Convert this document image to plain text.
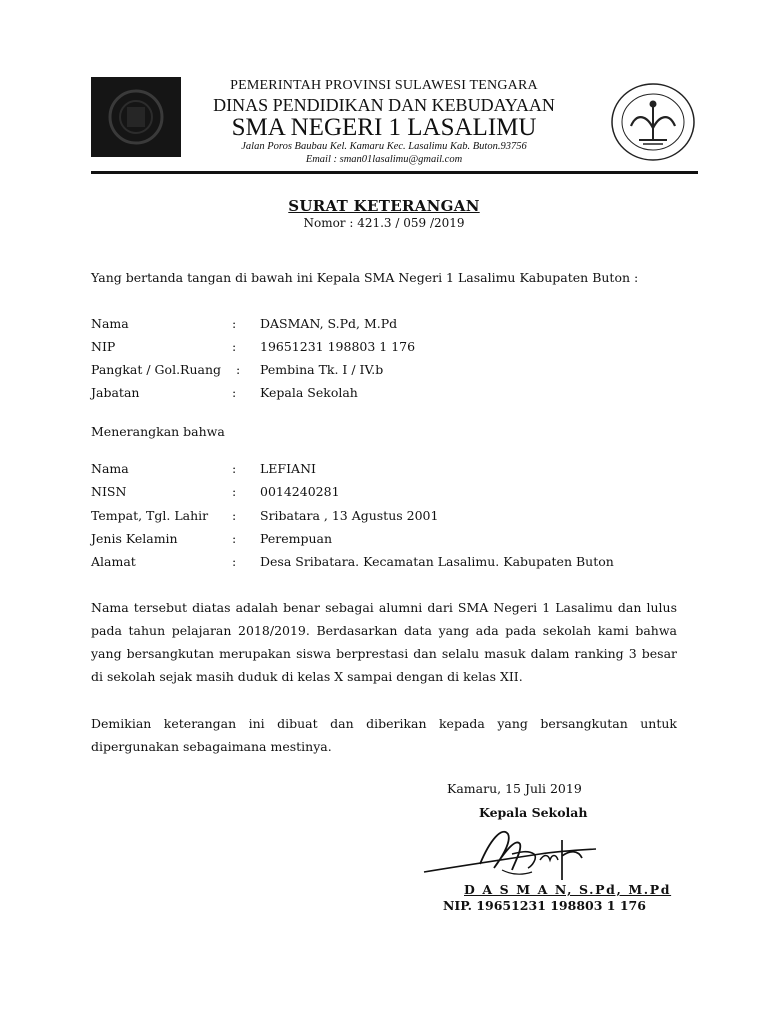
PEMERINTAH PROVINSI SULAWESI TENGARA
DINAS PENDIDIKAN DAN KEBUDAYAAN
SMA NEGERI 1 LASALIMU
Jalan Poros Baubau Kel. Kamaru Kec. Lasalimu Kab. Buton.93756
Email : sman01lasalimu@gmail.com
SURAT KETERANGAN
Nomor : 421.3 / 059 /2019
Yang bertanda tangan di bawah ini Kepala SMA Negeri 1 Lasalimu Kabupaten Buton :
Nama	: DASMAN, S.Pd, M.Pd
NIP	: 19651231 198803 1 176
Pangkat / Gol.Ruang : Pembina Tk. I / IV.b
Jabatan	: Kepala Sekolah
Menerangkan bahwa
Nama	: LEFIANI
NISN	: 0014240281
Tempat, Tgl. Lahir : Sribatara , 13 Agustus 2001
Jenis Kelamin	: Perempuan
Alamat	: Desa Sribatara. Kecamatan Lasalimu. Kabupaten Buton
Nama tersebut diatas adalah benar sebagai alumni dari SMA Negeri 1 Lasalimu dan lulus pada tahun pelajaran 2018/2019. Berdasarkan data yang ada pada sekolah kami bahwa yang bersangkutan merupakan siswa berprestasi dan selalu masuk dalam ranking 3 besar di sekolah sejak masih duduk di kelas X sampai dengan di kelas XII.
Demikian keterangan ini dibuat dan diberikan kepada yang bersangkutan untuk dipergunakan sebagaimana mestinya.
Kamaru, 15 Juli 2019
Kepala Sekolah
D A S M A N, S.Pd, M.Pd
NIP. 19651231 198803 1 176
